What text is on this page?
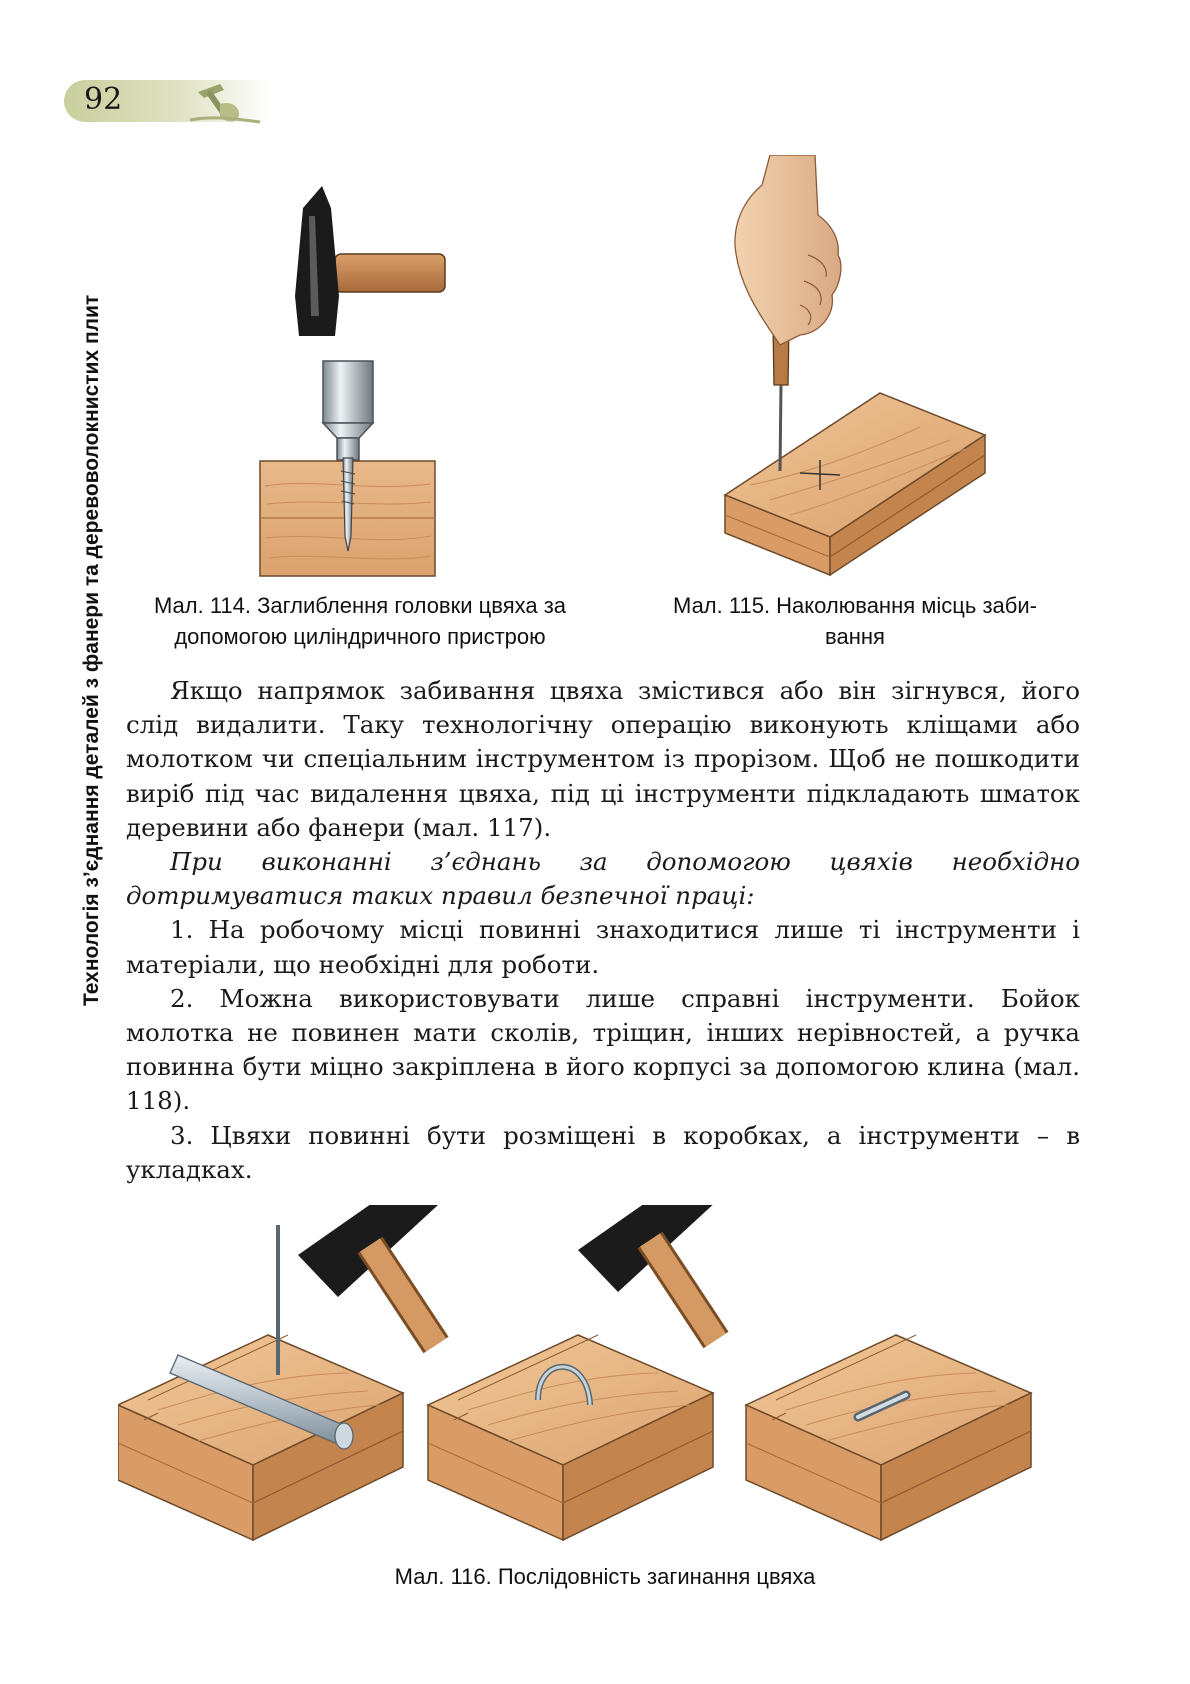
92
Технологія з’єднання деталей з фанери та деревоволокнистих плит	Мал. 114. Заглиблення головки цвяха за
допомогою циліндричного пристрою
Мал. 115. Наколювання місць заби-
вання

Якщо напрямок забивання цвяха змістився або він зігнувся, його слід видалити. Таку технологічну операцію виконують кліщами або молотком чи спеціальним інструментом із прорізом. Щоб не пошкодити виріб під час видалення цвяха, під ці інструменти підкладають шматок деревини або фанери (мал. 117).

При виконанні з’єднань за допомогою цвяхів необхідно дотримуватися таких правил безпечної праці:

1. На робочому місці повинні знаходитися лише ті інструменти і матеріали, що необхідні для роботи.

2. Можна використовувати лише справні інструменти. Бойок молотка не повинен мати сколів, тріщин, інших нерівностей, а ручка повинна бути міцно закріплена в його корпусі за допомогою клина (мал. 118).

3. Цвяхи повинні бути розміщені в коробках, а інструменти – в укладках.

Мал. 116. Послідовність загинання цвяха
